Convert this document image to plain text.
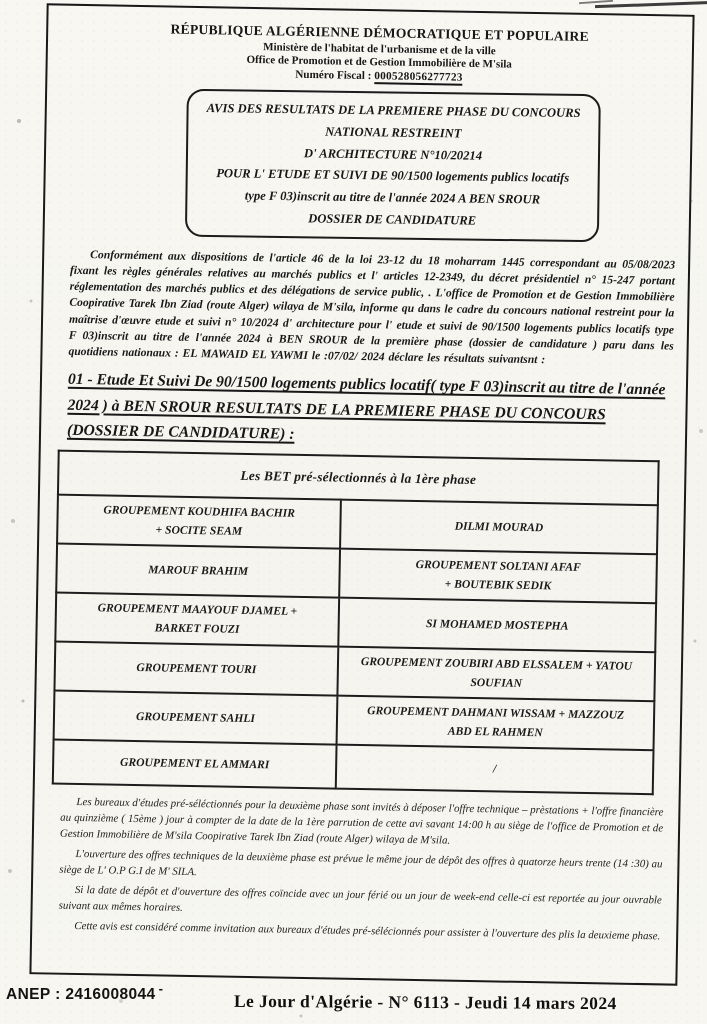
RÉPUBLIQUE ALGÉRIENNE DÉMOCRATIQUE ET POPULAIRE
Ministère de l'habitat de l'urbanisme et de la ville
Office de Promotion et de Gestion Immobilière de M'sila
Numéro Fiscal : 000528056277723
AVIS DES RESULTATS DE LA PREMIERE PHASE DU CONCOURS
NATIONAL RESTREINT
D' ARCHITECTURE N°10/20214
POUR L' ETUDE ET SUIVI DE 90/1500 logements publics locatifs
type F 03)inscrit au titre de l'année 2024 A BEN SROUR
DOSSIER DE CANDIDATURE

Conformément aux dispositions de l'article 46 de la loi 23-12 du 18 moharram 1445 correspondant au 05/08/2023 fixant les règles générales relatives au marchés publics et l' articles 12-2349, du décret présidentiel n° 15-247 portant réglementation des marchés publics et des délégations de service public, . L'office de Promotion et de Gestion Immobilière Coopirative Tarek Ibn Ziad (route Alger) wilaya de M'sila, informe qu dans le cadre du concours national restreint pour la maîtrise d'œuvre etude et suivi n° 10/2024 d' architecture pour l' etude et suivi de 90/1500 logements publics locatifs type F 03)inscrit au titre de l'année 2024 à BEN SROUR de la première phase (dossier de candidature ) paru dans les quotidiens nationaux : EL MAWAID EL YAWMI le :07/02/ 2024 déclare les résultats suivantsnt :

01 - Etude Et Suivi De 90/1500 logements publics locatif( type F 03)inscrit au titre de l'année 2024 ) à BEN SROUR RESULTATS DE LA PREMIERE PHASE DU CONCOURS (DOSSIER DE CANDIDATURE) :
Les BET pré-sélectionnés à la 1ère phase	
GROUPEMENT KOUDHIFA BACHIR
+ SOCITE SEAM	DILMI MOURAD
MAROUF BRAHIM	GROUPEMENT SOLTANI AFAF
+ BOUTEBIK SEDIK
GROUPEMENT MAAYOUF DJAMEL +
BARKET FOUZI	SI MOHAMED MOSTEPHA
GROUPEMENT TOURI	GROUPEMENT ZOUBIRI ABD ELSSALEM + YATOU
SOUFIAN
GROUPEMENT SAHLI	GROUPEMENT DAHMANI WISSAM + MAZZOUZ
ABD EL RAHMEN
GROUPEMENT EL AMMARI	/

Les bureaux d'études pré-séléctionnés pour la deuxième phase sont invités à déposer l'offre technique – prèstations + l'offre financière au quinzième ( 15ème ) jour à compter de la date de la 1ère parrution de cette avi savant 14:00 h au siège de l'office de Promotion et de Gestion Immobilière de M'sila Coopirative Tarek Ibn Ziad (route Alger) wilaya de M'sila.

L'ouverture des offres techniques de la deuxième phase est prévue le même jour de dépôt des offres à quatorze heurs trente (14 :30) au siège de L' O.P G.I de M' SILA.

Si la date de dépôt et d'ouverture des offres coïncide avec un jour férié ou un jour de week-end celle-ci est reportée au jour ouvrable suivant aux mêmes horaires.

Cette avis est considéré comme invitation aux bureaux d'études pré-sélécionnés pour assister à l'ouverture des plis la deuxieme phase.

ANEP : 2416008044 -
Le Jour d'Algérie - N° 6113 - Jeudi 14 mars 2024
